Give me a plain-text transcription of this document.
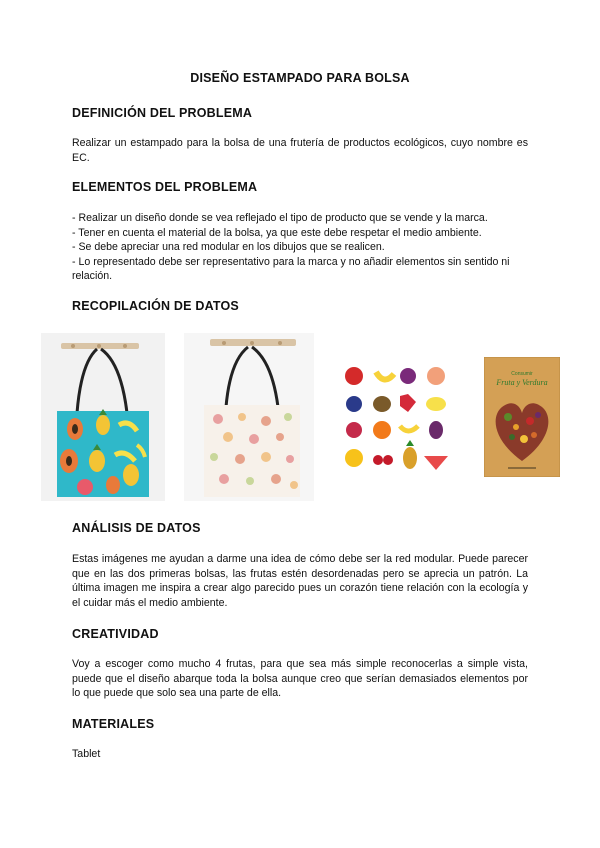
DISEÑO ESTAMPADO PARA BOLSA
DEFINICIÓN DEL PROBLEMA
Realizar un estampado para la bolsa de una frutería de productos ecológicos, cuyo nombre es EC.
ELEMENTOS DEL PROBLEMA
- Realizar un diseño donde se vea reflejado el tipo de producto que se vende y la marca.
- Tener en cuenta el material de la bolsa, ya que este debe respetar el medio ambiente.
- Se debe apreciar una red modular en los dibujos que se realicen.
- Lo representado debe ser representativo para la marca y no añadir elementos sin sentido ni relación.
RECOPILACIÓN DE DATOS
Consumir
Fruta y Verdura
ANÁLISIS DE DATOS
Estas imágenes me ayudan a darme una idea de cómo debe ser la red modular. Puede parecer que en las dos primeras bolsas, las frutas estén desordenadas pero se aprecia un patrón. La última imagen me inspira a crear algo parecido pues un corazón tiene relación con la ecología y el cuidar más el medio ambiente.
CREATIVIDAD
Voy a escoger como mucho 4 frutas, para que sea más simple reconocerlas a simple vista, puede que el diseño abarque toda la bolsa aunque creo que serían demasiados elementos por lo que puede que solo sea una parte de ella.
MATERIALES
Tablet
